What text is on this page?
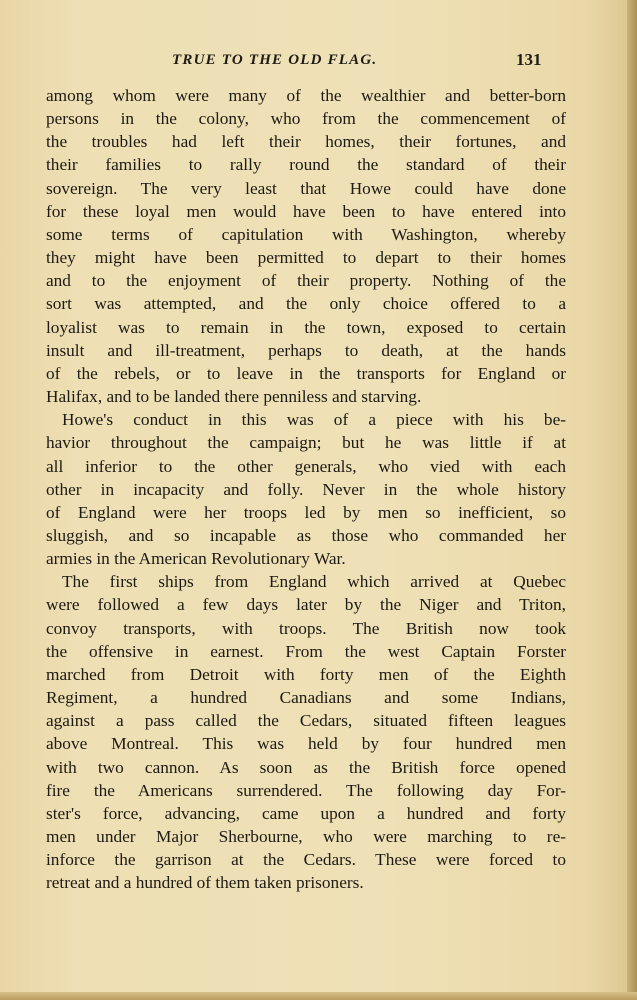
TRUE TO THE OLD FLAG.	131
among whom were many of the wealthier and better-born
persons in the colony, who from the commencement of
the troubles had left their homes, their fortunes, and
their families to rally round the standard of their
sovereign. The very least that Howe could have done
for these loyal men would have been to have entered into
some terms of capitulation with Washington, whereby
they might have been permitted to depart to their homes
and to the enjoyment of their property. Nothing of the
sort was attempted, and the only choice offered to a
loyalist was to remain in the town, exposed to certain
insult and ill-treatment, perhaps to death, at the hands
of the rebels, or to leave in the transports for England or
Halifax, and to be landed there penniless and starving.
Howe's conduct in this was of a piece with his be-
havior throughout the campaign; but he was little if at
all inferior to the other generals, who vied with each
other in incapacity and folly. Never in the whole history
of England were her troops led by men so inefficient, so
sluggish, and so incapable as those who commanded her
armies in the American Revolutionary War.
The first ships from England which arrived at Quebec
were followed a few days later by the Niger and Triton,
convoy transports, with troops. The British now took
the offensive in earnest. From the west Captain Forster
marched from Detroit with forty men of the Eighth
Regiment, a hundred Canadians and some Indians,
against a pass called the Cedars, situated fifteen leagues
above Montreal. This was held by four hundred men
with two cannon. As soon as the British force opened
fire the Americans surrendered. The following day For-
ster's force, advancing, came upon a hundred and forty
men under Major Sherbourne, who were marching to re-
inforce the garrison at the Cedars. These were forced to
retreat and a hundred of them taken prisoners.
